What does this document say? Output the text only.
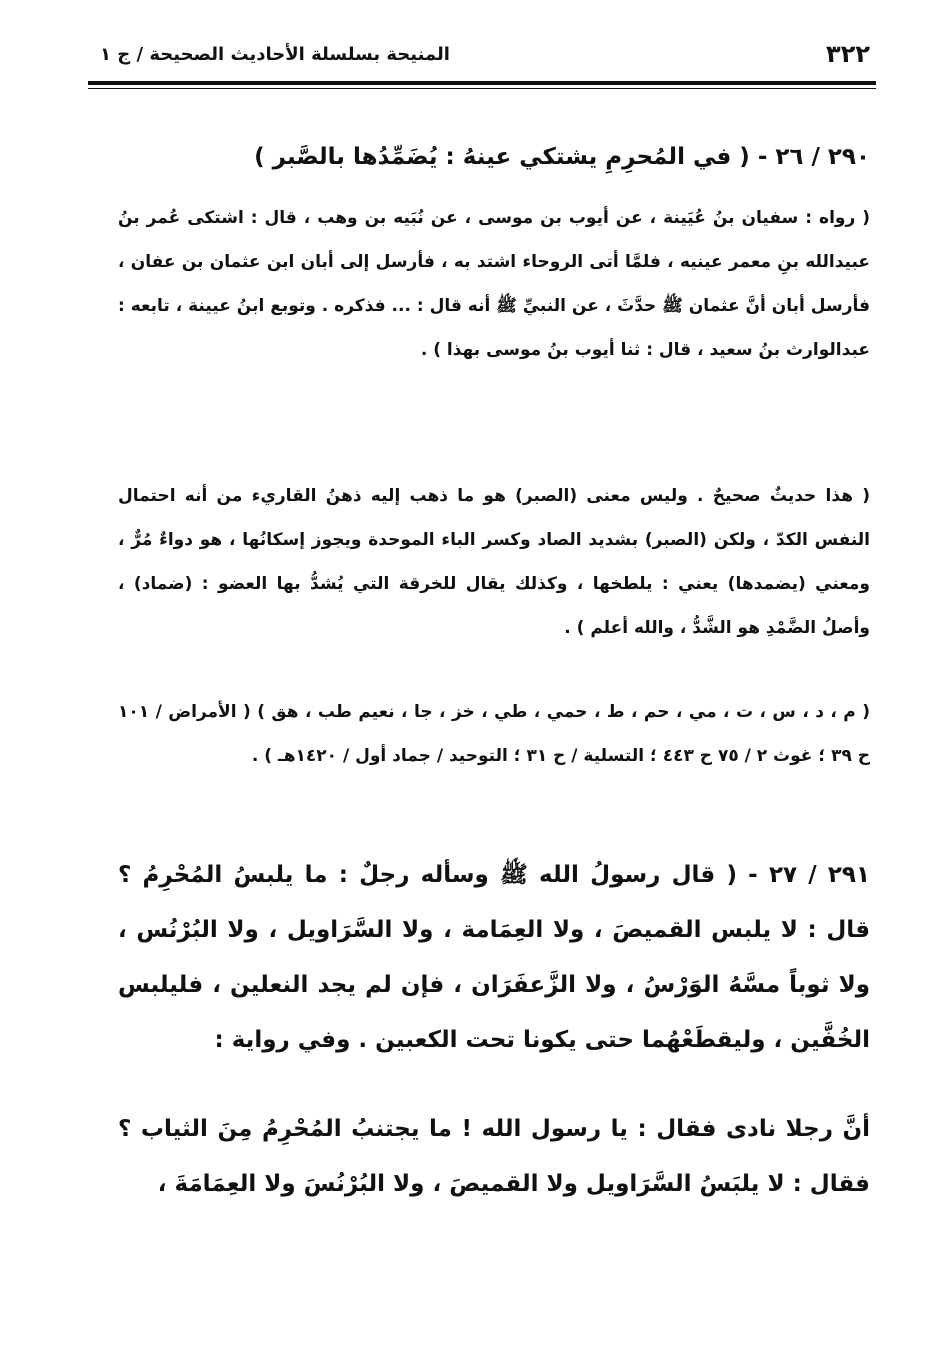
٣٢٢
المنيحة بسلسلة الأحاديث الصحيحة / ج ١
٢٩٠ / ٢٦ - ( في المُحرِمِ يشتكي عينهُ : يُضَمِّدُها بالصَّبر )
( رواه : سفيان بنُ عُيَينة ، عن أيوب بن موسى ، عن نُبَيه بن وهب ، قال : اشتكى عُمر بنُ عبيدالله بنِ معمر عينيه ، فلمَّا أتى الروحاء اشتد به ، فأرسل إلى أبان ابن عثمان بن عفان ، فأرسل أبان أنَّ عثمان ﷺ حدَّثَ ، عن النبيِّ ﷺ أنه قال : ... فذكره . وتوبع ابنُ عيينة ، تابعه : عبدالوارث بنُ سعيد ، قال : ثنا أيوب بنُ موسى بهذا ) .
( هذا حديثٌ صحيحٌ . وليس معنى (الصبر) هو ما ذهب إليه ذهنُ القاريء من أنه احتمال النفس الكدّ ، ولكن (الصبر) بشديد الصاد وكسر الباء الموحدة ويجوز إسكانُها ، هو دواءٌ مُرٌّ ، ومعني (يضمدها) يعني : يلطخها ، وكذلك يقال للخرقة التي يُشدُّ بها العضو : (ضماد) ، وأصلُ الضَّمْدِ هو الشَّدُّ ، والله أعلم ) .
( م ، د ، س ، ت ، مي ، حم ، ط ، حمي ، طي ، خز ، جا ، نعيم طب ، هق ) ( الأمراض / ١٠١ ح ٣٩ ؛ غوث ٢ / ٧٥ ح ٤٤٣ ؛ التسلية / ح ٣١ ؛ التوحيد / جماد أول / ١٤٢٠هـ ) .
٢٩١ / ٢٧ - ( قال رسولُ الله ﷺ وسأله رجلٌ : ما يلبسُ المُحْرِمُ ؟ قال : لا يلبس القميصَ ، ولا العِمَامة ، ولا السَّرَاويل ، ولا البُرْنُس ، ولا ثوباً مسَّهُ الوَرْسُ ، ولا الزَّعفَرَان ، فإن لم يجد النعلين ، فليلبس الخُفَّين ، وليقطَعْهُما حتى يكونا تحت الكعبين . وفي رواية :
أنَّ رجلا نادى فقال : يا رسول الله ! ما يجتنبُ المُحْرِمُ مِنَ الثياب ؟ فقال : لا يلبَسُ السَّرَاويل ولا القميصَ ، ولا البُرْنُسَ ولا العِمَامَةَ ،
